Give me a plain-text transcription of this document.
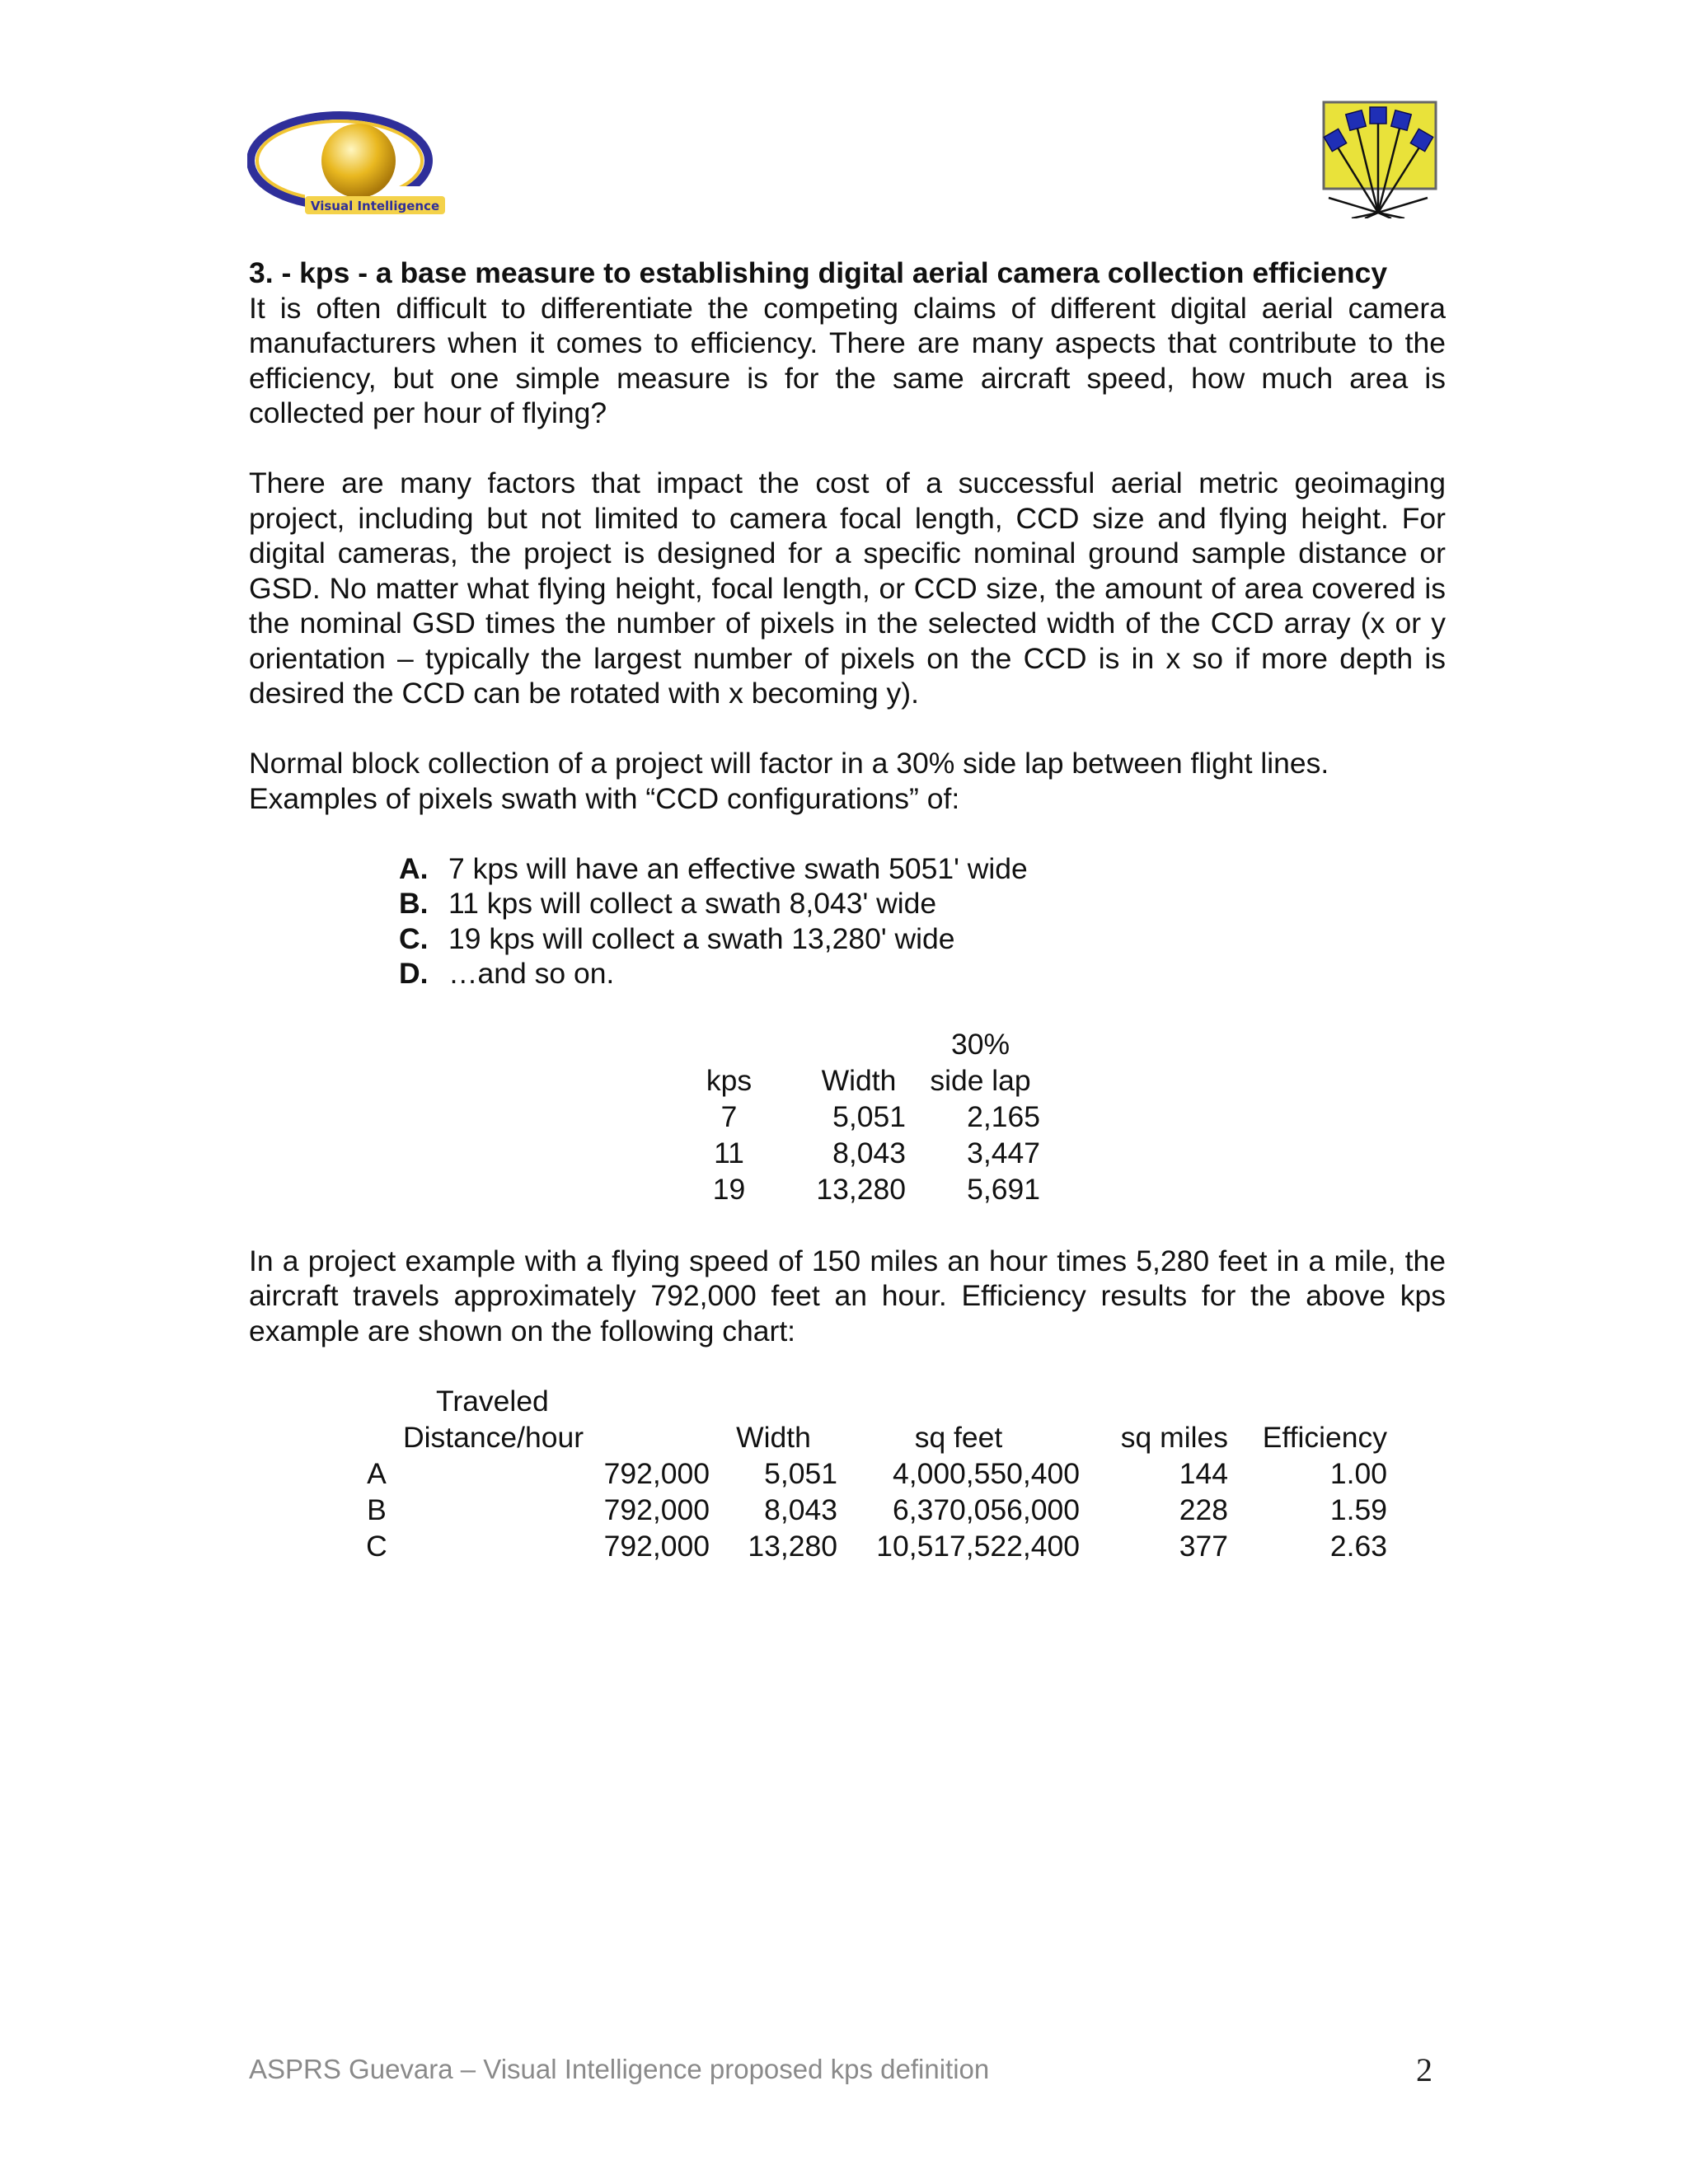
Visual Intelligence

3. - kps - a base measure to establishing digital aerial camera collection efficiency

It is often difficult to differentiate the competing claims of different digital aerial camera manufacturers when it comes to efficiency. There are many aspects that contribute to the efficiency, but one simple measure is for the same aircraft speed, how much area is collected per hour of flying?

There are many factors that impact the cost of a successful aerial metric geoimaging project, including but not limited to camera focal length, CCD size and flying height. For digital cameras, the project is designed for a specific nominal ground sample distance or GSD. No matter what flying height, focal length, or CCD size, the amount of area covered is the nominal GSD times the number of pixels in the selected width of the CCD array (x or y orientation – typically the largest number of pixels on the CCD is in x so if more depth is desired the CCD can be rotated with x becoming y).

Normal block collection of a project will factor in a 30% side lap between flight lines.

Examples of pixels swath with “CCD configurations” of:

A. 7 kps will have an effective swath 5051' wide
B. 11 kps will collect a swath 8,043' wide
C. 19 kps will collect a swath 13,280' wide
D. …and so on.
		30%
kps	Width	side lap
7	5,051	2,165
11	8,043	3,447
19	13,280	5,691

In a project example with a flying speed of 150 miles an hour times 5,280 feet in a mile, the aircraft travels approximately 792,000 feet an hour. Efficiency results for the above kps example are shown on the following chart:

	Traveled				
	Distance/hour	Width	sq feet	sq miles	Efficiency
A	792,000	5,051	4,000,550,400	144	1.00
B	792,000	8,043	6,370,056,000	228	1.59
C	792,000	13,280	10,517,522,400	377	2.63
ASPRS Guevara – Visual Intelligence proposed kps definition	2
